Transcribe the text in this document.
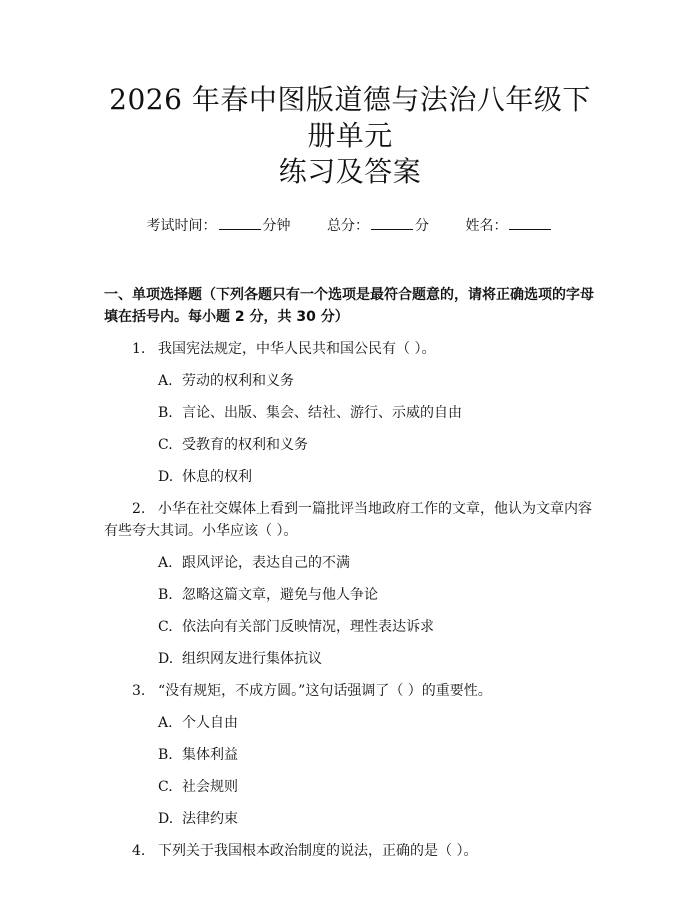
2026 年春中图版道德与法治八年级下册单元
练习及答案
考试时间：	分钟	总分：	分	姓名：
一、单项选择题（下列各题只有一个选项是最符合题意的，请将正确选项的字母填在括号内。每小题 2 分，共 30 分）
1. 我国宪法规定，中华人民共和国公民有（ ）。
A. 劳动的权利和义务
B. 言论、出版、集会、结社、游行、示威的自由
C. 受教育的权利和义务
D. 休息的权利
2. 小华在社交媒体上看到一篇批评当地政府工作的文章，他认为文章内容有些夸大其词。小华应该（ ）。
A. 跟风评论，表达自己的不满
B. 忽略这篇文章，避免与他人争论
C. 依法向有关部门反映情况，理性表达诉求
D. 组织网友进行集体抗议
3. “没有规矩，不成方圆。”这句话强调了（ ）的重要性。
A. 个人自由
B. 集体利益
C. 社会规则
D. 法律约束
4. 下列关于我国根本政治制度的说法，正确的是（ ）。
